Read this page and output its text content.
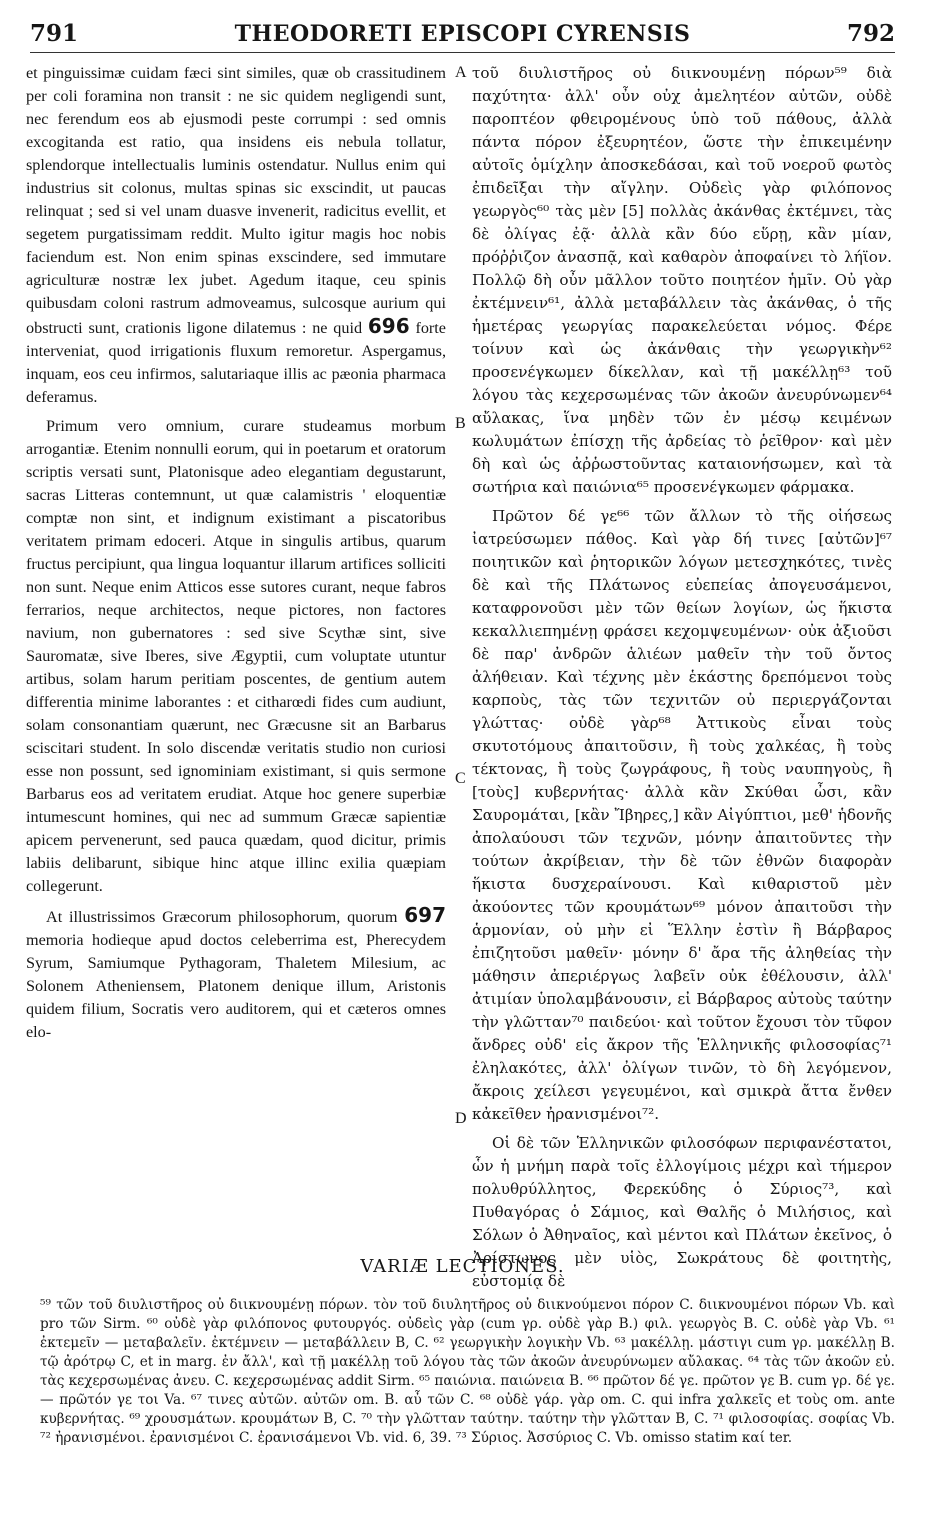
791	THEODORETI EPISCOPI CYRENSIS	792

et pinguissimæ cuidam fæci sint similes, quæ ob crassitudinem per coli foramina non transit : ne sic quidem negligendi sunt, nec ferendum eos ab ejusmodi peste corrumpi : sed omnis excogitanda est ratio, qua insidens eis nebula tollatur, splendorque intellectualis luminis ostendatur. Nullus enim qui industrius sit colonus, multas spinas sic exscindit, ut paucas relinquat ; sed si vel unam duasve invenerit, radicitus evellit, et segetem purgatissimam reddit. Multo igitur magis hoc nobis faciendum est. Non enim spinas exscindere, sed immutare agriculturæ nostræ lex jubet. Agedum itaque, ceu spinis quibusdam coloni rastrum admoveamus, sulcosque aurium qui obstructi sunt, crationis ligone dilatemus : ne quid 696 forte interveniat, quod irrigationis fluxum remoretur. Aspergamus, inquam, eos ceu infirmos, salutariaque illis ac pæonia pharmaca deferamus.

Primum vero omnium, curare studeamus morbum arrogantiæ. Etenim nonnulli eorum, qui in poetarum et oratorum scriptis versati sunt, Platonisque adeo elegantiam degustarunt, sacras Litteras contemnunt, ut quæ calamistris ' eloquentiæ comptæ non sint, et indignum existimant a piscatoribus veritatem primam edoceri. Atque in singulis artibus, quarum fructus percipiunt, qua lingua loquantur illarum artifices solliciti non sunt. Neque enim Atticos esse sutores curant, neque fabros ferrarios, neque architectos, neque pictores, non factores navium, non gubernatores : sed sive Scythæ sint, sive Sauromatæ, sive Iberes, sive Ægyptii, cum voluptate utuntur artibus, solam harum peritiam poscentes, de gentium autem differentia minime laborantes : et citharœdi fides cum audiunt, solam consonantiam quærunt, nec Græcusne sit an Barbarus sciscitari student. In solo discendæ veritatis studio non curiosi esse non possunt, sed ignominiam existimant, si quis sermone Barbarus eos ad veritatem erudiat. Atque hoc genere superbiæ intumescunt homines, qui nec ad summum Græcæ sapientiæ apicem pervenerunt, sed pauca quædam, quod dicitur, primis labiis delibarunt, sibique hinc atque illinc exilia quæpiam collegerunt.

At illustrissimos Græcorum philosophorum, quorum 697 memoria hodieque apud doctos celeberrima est, Pherecydem Syrum, Samiumque Pythagoram, Thaletem Milesium, ac Solonem Atheniensem, Platonem denique illum, Aristonis quidem filium, Socratis vero auditorem, qui et cæteros omnes elo-

A
B
C
D

τοῦ διυλιστῆρος οὐ διικνουμένῃ πόρων⁵⁹ διὰ παχύτητα· ἀλλ' οὖν οὐχ ἀμελητέον αὐτῶν, οὐδὲ παροπτέον φθειρομένους ὑπὸ τοῦ πάθους, ἀλλὰ πάντα πόρον ἐξευρητέον, ὥστε τὴν ἐπικειμένην αὐτοῖς ὁμίχλην ἀποσκεδάσαι, καὶ τοῦ νοεροῦ φωτὸς ἐπιδεῖξαι τὴν αἴγλην. Οὐδεὶς γὰρ φιλόπονος γεωργὸς⁶⁰ τὰς μὲν [5] πολλὰς ἀκάνθας ἐκτέμνει, τὰς δὲ ὀλίγας ἐᾷ· ἀλλὰ κἂν δύο εὕρῃ, κἂν μίαν, πρόῤῥιζον ἀνασπᾷ, καὶ καθαρὸν ἀποφαίνει τὸ λήϊον. Πολλῷ δὴ οὖν μᾶλλον τοῦτο ποιητέον ἡμῖν. Οὐ γὰρ ἐκτέμνειν⁶¹, ἀλλὰ μεταβάλλειν τὰς ἀκάνθας, ὁ τῆς ἡμετέρας γεωργίας παρακελεύεται νόμος. Φέρε τοίνυν καὶ ὡς ἀκάνθαις τὴν γεωργικὴν⁶² προσενέγκωμεν δίκελλαν, καὶ τῇ μακέλλῃ⁶³ τοῦ λόγου τὰς κεχερσωμένας τῶν ἀκοῶν ἀνευρύνωμεν⁶⁴ αὔλακας, ἵνα μηδὲν τῶν ἐν μέσῳ κειμένων κωλυμάτων ἐπίσχῃ τῆς ἀρδείας τὸ ῥεῖθρον· καὶ μὲν δὴ καὶ ὡς ἀῤῥωστοῦντας καταιονήσωμεν, καὶ τὰ σωτήρια καὶ παιώνια⁶⁵ προσενέγκωμεν φάρμακα.

Πρῶτον δέ γε⁶⁶ τῶν ἄλλων τὸ τῆς οἰήσεως ἰατρεύσωμεν πάθος. Καὶ γὰρ δή τινες [αὐτῶν]⁶⁷ ποιητικῶν καὶ ῥητορικῶν λόγων μετεσχηκότες, τινὲς δὲ καὶ τῆς Πλάτωνος εὐεπείας ἀπογευσάμενοι, καταφρονοῦσι μὲν τῶν θείων λογίων, ὡς ἥκιστα κεκαλλιεπημένῃ φράσει κεχομψευμένων· οὐκ ἀξιοῦσι δὲ παρ' ἀνδρῶν ἁλιέων μαθεῖν τὴν τοῦ ὄντος ἀλήθειαν. Καὶ τέχνης μὲν ἑκάστης δρεπόμενοι τοὺς καρποὺς, τὰς τῶν τεχνιτῶν οὐ περιεργάζονται γλώττας· οὐδὲ γὰρ⁶⁸ Ἀττικοὺς εἶναι τοὺς σκυτοτόμους ἀπαιτοῦσιν, ἢ τοὺς χαλκέας, ἢ τοὺς τέκτονας, ἢ τοὺς ζωγράφους, ἢ τοὺς ναυπηγοὺς, ἢ [τοὺς] κυβερνήτας· ἀλλὰ κἂν Σκύθαι ὦσι, κἂν Σαυρομάται, [κἂν Ἴβηρες,] κἂν Αἰγύπτιοι, μεθ' ἡδονῆς ἀπολαύουσι τῶν τεχνῶν, μόνην ἀπαιτοῦντες τὴν τούτων ἀκρίβειαν, τὴν δὲ τῶν ἐθνῶν διαφορὰν ἥκιστα δυσχεραίνουσι. Καὶ κιθαριστοῦ μὲν ἀκούοντες τῶν κρουμάτων⁶⁹ μόνον ἀπαιτοῦσι τὴν ἁρμονίαν, οὐ μὴν εἰ Ἕλλην ἐστὶν ἢ Βάρβαρος ἐπιζητοῦσι μαθεῖν· μόνην δ' ἄρα τῆς ἀληθείας τὴν μάθησιν ἀπεριέργως λαβεῖν οὐκ ἐθέλουσιν, ἀλλ' ἀτιμίαν ὑπολαμβάνουσιν, εἰ Βάρβαρος αὐτοὺς ταύτην τὴν γλῶτταν⁷⁰ παιδεύοι· καὶ τοῦτον ἔχουσι τὸν τῦφον ἄνδρες οὐδ' εἰς ἄκρον τῆς Ἑλληνικῆς φιλοσοφίας⁷¹ ἐληλακότες, ἀλλ' ὀλίγων τινῶν, τὸ δὴ λεγόμενον, ἄκροις χείλεσι γεγευμένοι, καὶ σμικρὰ ἄττα ἔνθεν κἀκεῖθεν ἠρανισμένοι⁷².

Οἱ δὲ τῶν Ἑλληνικῶν φιλοσόφων περιφανέστατοι, ὧν ἡ μνήμη παρὰ τοῖς ἐλλογίμοις μέχρι καὶ τήμερον πολυθρύλλητος, Φερεκύδης ὁ Σύριος⁷³, καὶ Πυθαγόρας ὁ Σάμιος, καὶ Θαλῆς ὁ Μιλήσιος, καὶ Σόλων ὁ Ἀθηναῖος, καὶ μέντοι καὶ Πλάτων ἐκεῖνος, ὁ Ἀρίστωνος μὲν υἱὸς, Σωκράτους δὲ φοιτητὴς, εὐστομίᾳ δὲ

VARIÆ LECTIONES.
⁵⁹ τῶν τοῦ διυλιστῆρος οὐ διικνουμένῃ πόρων. τὸν τοῦ διυλητῆρος οὐ διικνούμενοι πόρον C. διικνουμένοι πόρων Vb. καὶ pro τῶν Sirm. ⁶⁰ οὐδὲ γὰρ φιλόπονος φυτουργός. οὐδεὶς γὰρ (cum γρ. οὐδὲ γὰρ B.) φιλ. γεωργὸς B. C. οὐδὲ γὰρ Vb. ⁶¹ ἐκτεμεῖν — μεταβαλεῖν. ἐκτέμνειν — μεταβάλλειν B, C. ⁶² γεωργικὴν λογικὴν Vb. ⁶³ μακέλλῃ. μάστιγι cum γρ. μακέλλῃ B. τῷ ἀρότρῳ C, et in marg. ἐν ἄλλ', καὶ τῇ μακέλλῃ τοῦ λόγου τὰς τῶν ἀκοῶν ἀνευρύνωμεν αὔλακας. ⁶⁴ τὰς τῶν ἀκοῶν εὐ. τὰς κεχερσωμένας ἀνευ. C. κεχερσωμένας addit Sirm. ⁶⁵ παιώνια. παιώνεια B. ⁶⁶ πρῶτον δέ γε. πρῶτον γε B. cum γρ. δέ γε. — πρῶτόν γε τοι Va. ⁶⁷ τινες αὐτῶν. αὐτῶν om. B. αὖ τῶν C. ⁶⁸ οὐδὲ γάρ. γὰρ om. C. qui infra χαλκεῖς et τοὺς om. ante κυβερνήτας. ⁶⁹ χρουσμάτων. κρουμάτων B, C. ⁷⁰ τὴν γλῶτταν ταύτην. ταύτην τὴν γλῶτταν B, C. ⁷¹ φιλοσοφίας. σοφίας Vb. ⁷² ἠρανισμένοι. ἐρανισμένοι C. ἐρανισάμενοι Vb. vid. 6, 39. ⁷³ Σύριος. Ἀσσύριος C. Vb. omisso statim καί ter.
